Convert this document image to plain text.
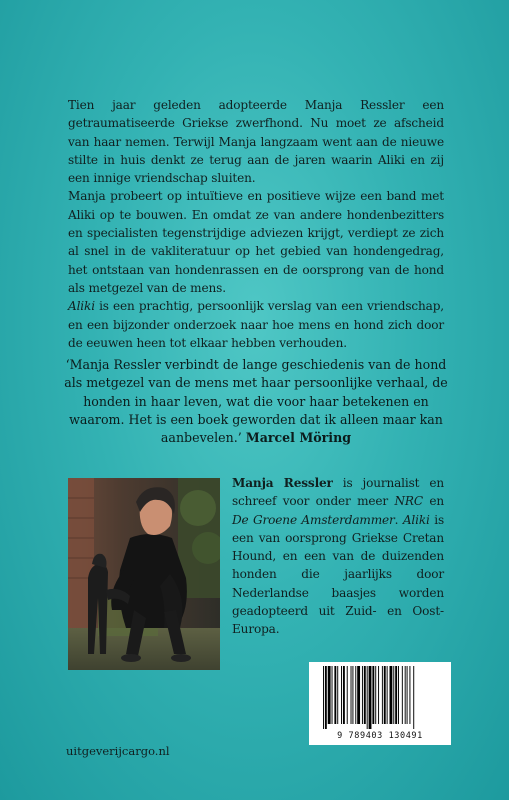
Tien jaar geleden adopteerde Manja Ressler een getraumatiseerde Griekse zwerfhond. Nu moet ze afscheid van haar nemen. Terwijl Manja langzaam went aan de nieuwe stilte in huis denkt ze terug aan de jaren waarin Aliki en zij een innige vriendschap sluiten.

Manja probeert op intuïtieve en positieve wijze een band met Aliki op te bouwen. En omdat ze van andere hondenbezitters en specialisten tegenstrijdige adviezen krijgt, verdiept ze zich al snel in de vakliteratuur op het gebied van hondengedrag, het ontstaan van hondenrassen en de oorsprong van de hond als metgezel van de mens.

Aliki is een prachtig, persoonlijk verslag van een vriendschap, en een bijzonder onderzoek naar hoe mens en hond zich door de eeuwen heen tot elkaar hebben verhouden.

‘Manja Ressler verbindt de lange geschiedenis van de hond als metgezel van de mens met haar persoonlijke verhaal, de honden in haar leven, wat die voor haar betekenen en waarom. Het is een boek geworden dat ik alleen maar kan aanbevelen.’ Marcel Möring
Manja Ressler is journalist en schreef voor onder meer NRC en De Groene Amsterdammer. Aliki is een van oorsprong Griekse Cretan Hound, en een van de duizenden honden die jaarlijks door Nederlandse baasjes worden geadopteerd uit Zuid- en Oost-Europa.
9 789403 130491
uitgeverijcargo.nl
